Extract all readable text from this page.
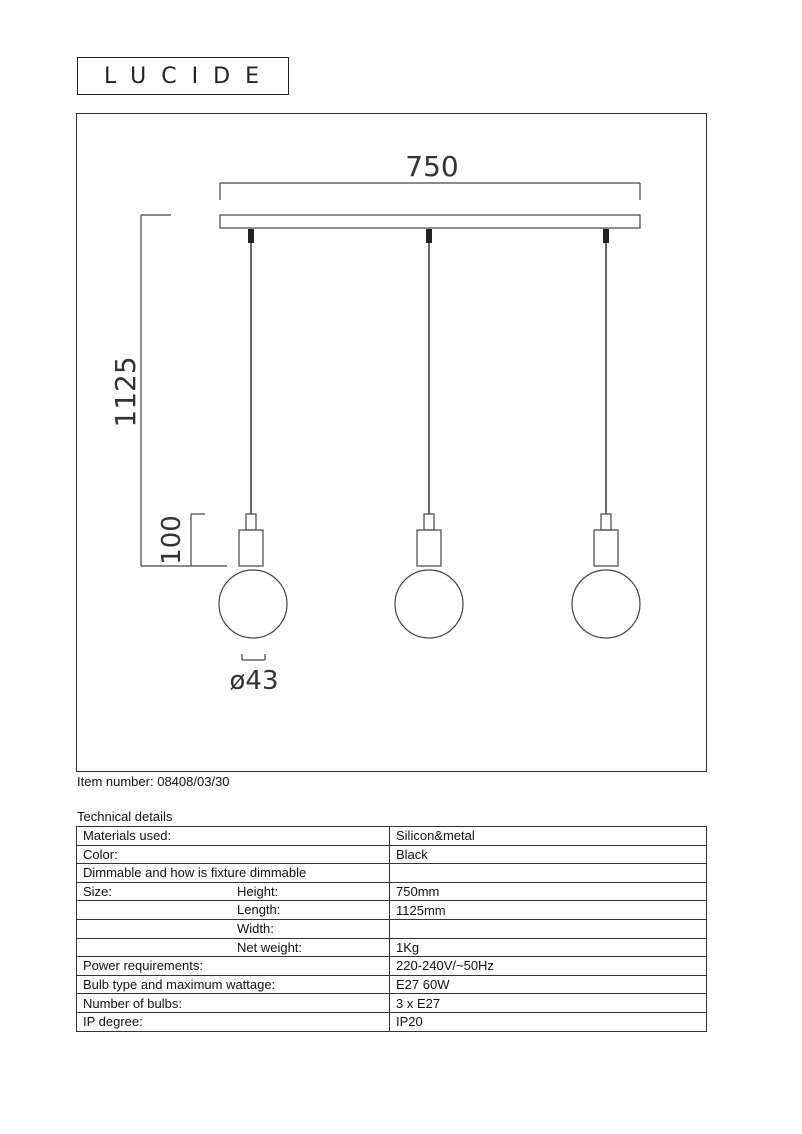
LUCIDE
750
1125
100
ø43
Item number: 08408/03/30
Technical details
Materials used:	Silicon&metal
Color:	Black
Dimmable and how is fixture dimmable

Size: Height:	750mm

Length:	1125mm

Width:	

Net weight:	1Kg
Power requirements:	220-240V/~50Hz
Bulb type and maximum wattage:	E27 60W
Number of bulbs:	3 x E27
IP degree:	IP20
